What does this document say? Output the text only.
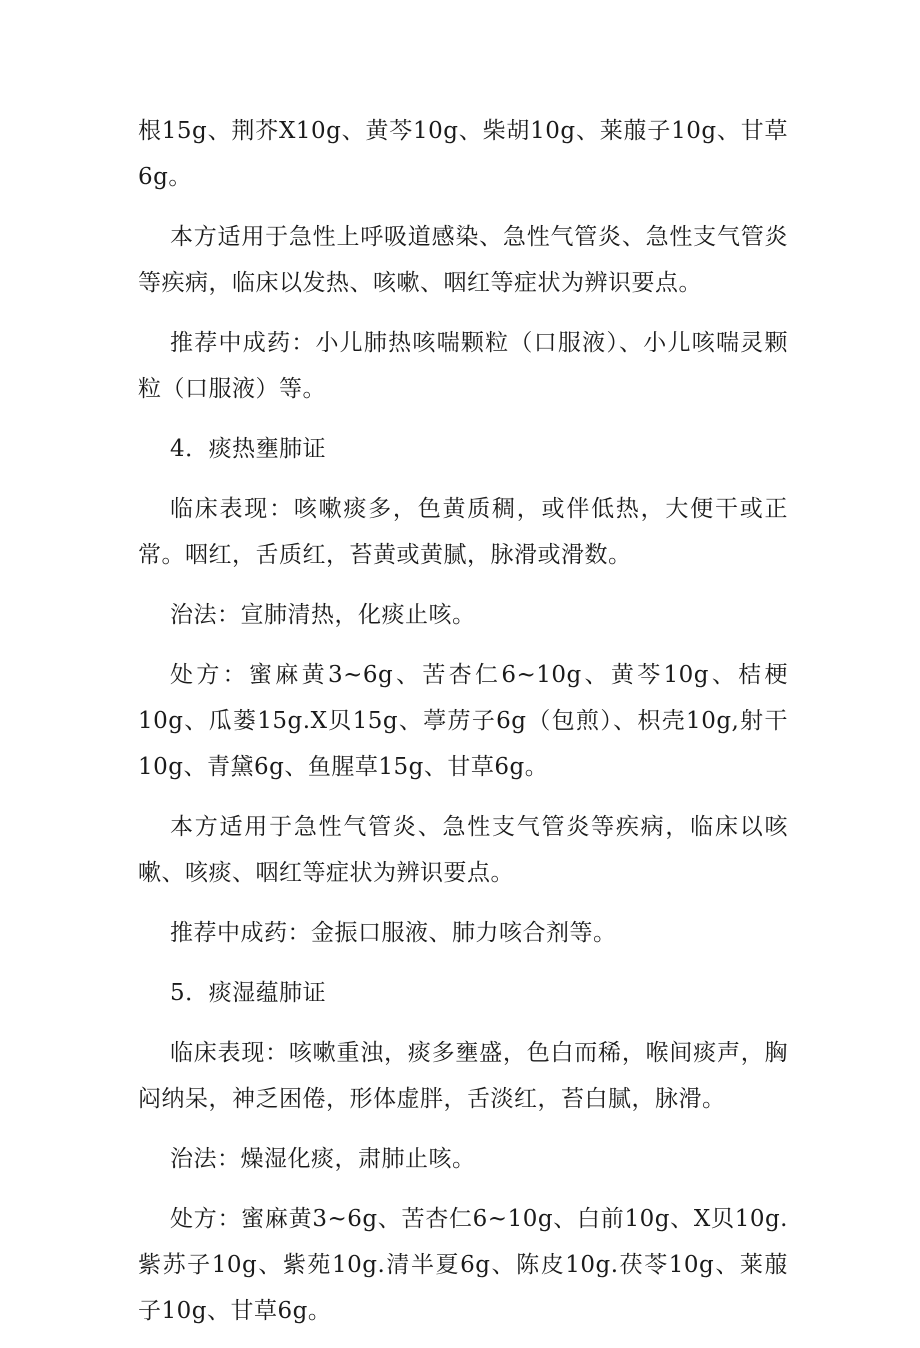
根15g、荆芥X10g、黄芩10g、柴胡10g、莱菔子10g、甘草6g。

本方适用于急性上呼吸道感染、急性气管炎、急性支气管炎等疾病，临床以发热、咳嗽、咽红等症状为辨识要点。

推荐中成药：小儿肺热咳喘颗粒（口服液）、小儿咳喘灵颗粒（口服液）等。

4．痰热壅肺证

临床表现：咳嗽痰多，色黄质稠，或伴低热，大便干或正常。咽红，舌质红，苔黄或黄腻，脉滑或滑数。

治法：宣肺清热，化痰止咳。

处方：蜜麻黄3~6g、苦杏仁6~10g、黄芩10g、桔梗10g、瓜蒌15g.X贝15g、葶苈子6g（包煎）、枳壳10g,射干10g、青黛6g、鱼腥草15g、甘草6g。

本方适用于急性气管炎、急性支气管炎等疾病，临床以咳嗽、咳痰、咽红等症状为辨识要点。

推荐中成药：金振口服液、肺力咳合剂等。

5．痰湿蕴肺证

临床表现：咳嗽重浊，痰多壅盛，色白而稀，喉间痰声，胸闷纳呆，神乏困倦，形体虚胖，舌淡红，苔白腻，脉滑。

治法：燥湿化痰，肃肺止咳。

处方：蜜麻黄3~6g、苦杏仁6~10g、白前10g、X贝10g.紫苏子10g、紫苑10g.清半夏6g、陈皮10g.茯苓10g、莱菔子10g、甘草6g。
